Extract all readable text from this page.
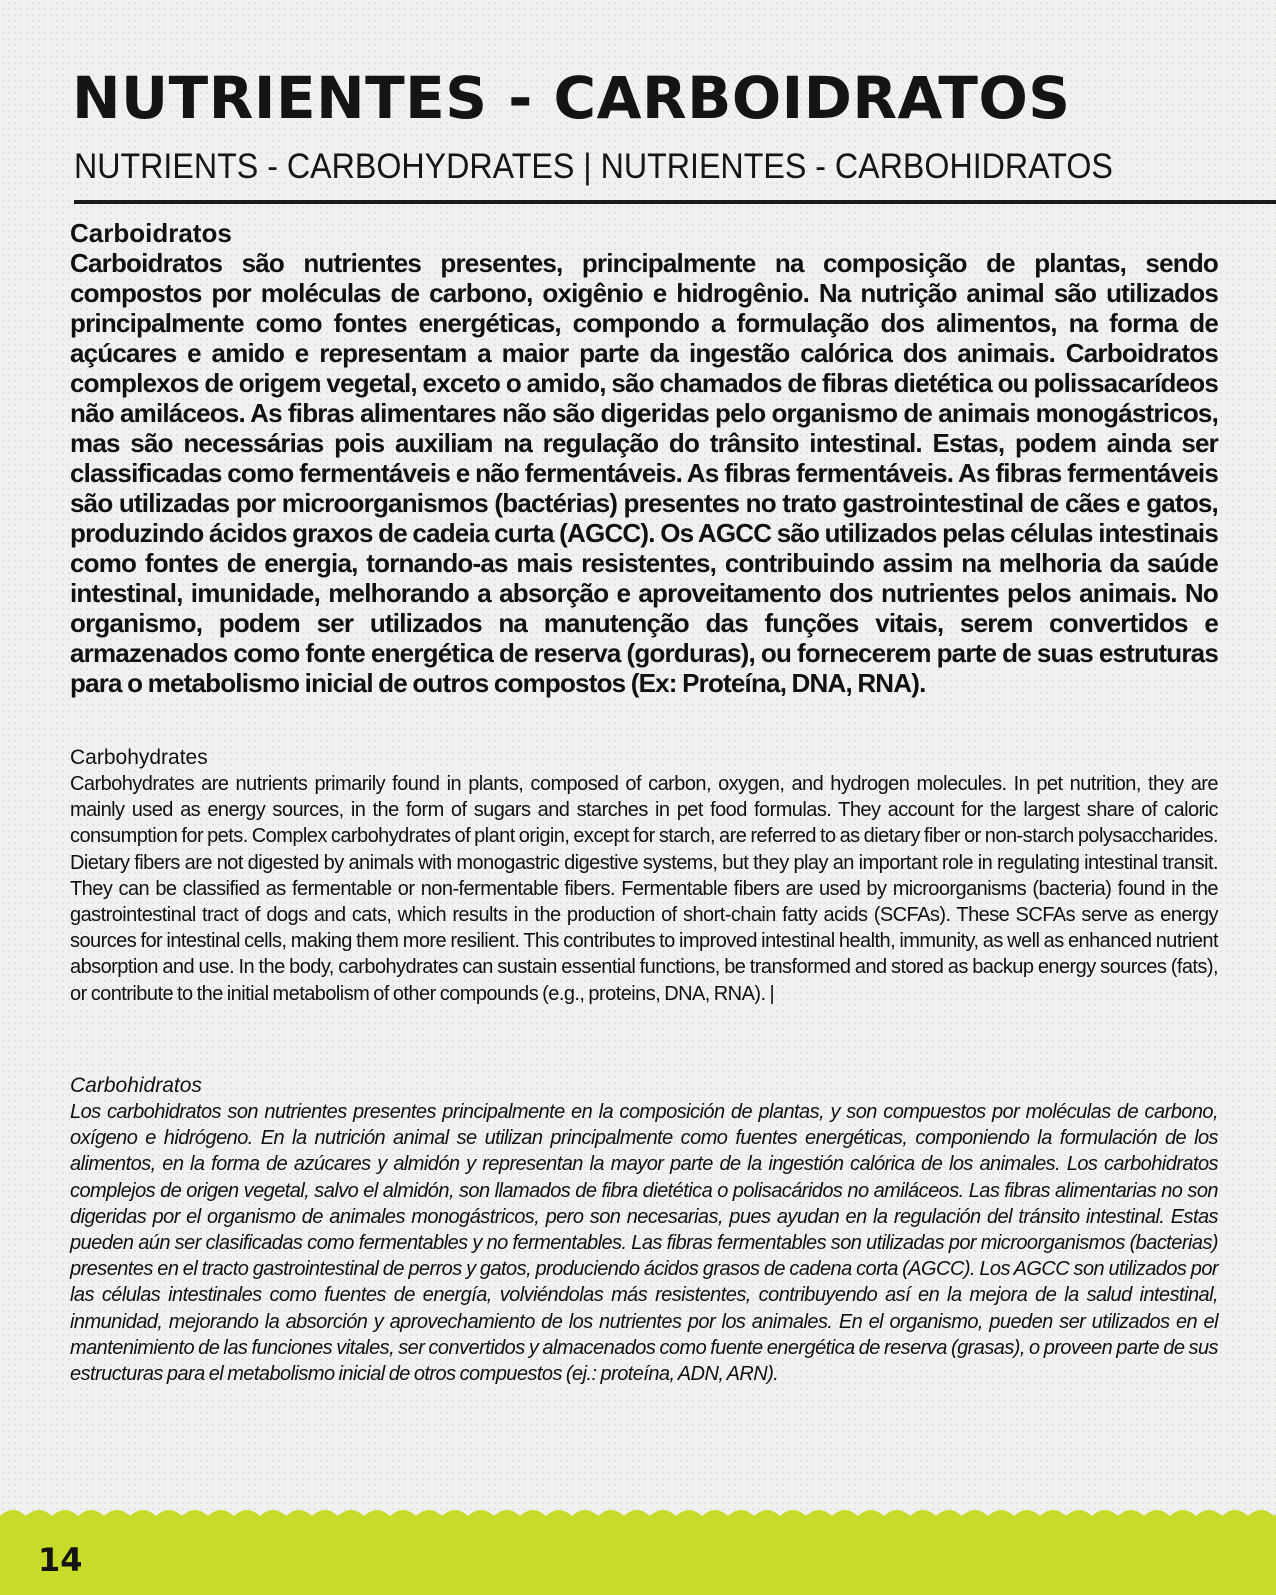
NUTRIENTES - CARBOIDRATOS
NUTRIENTS - CARBOHYDRATES | NUTRIENTES - CARBOHIDRATOS
Carboidratos

Carboidratos são nutrientes presentes, principalmente na composição de plantas, sendo compostos por moléculas de carbono, oxigênio e hidrogênio. Na nutrição animal são utilizados principalmente como fontes energéticas, compondo a formulação dos alimentos, na forma de açúcares e amido e representam a maior parte da ingestão calórica dos animais. Carboidratos complexos de origem vegetal, exceto o amido, são chamados de fibras dietética ou polissacarídeos não amiláceos. As fibras alimentares não são digeridas pelo organismo de animais monogástricos, mas são necessárias pois auxiliam na regulação do trânsito intestinal. Estas, podem ainda ser classificadas como fermentáveis e não fermentáveis. As fibras fermentáveis. As fibras fermentáveis são utilizadas por microorganismos (bactérias) presentes no trato gastrointestinal de cães e gatos, produzindo ácidos graxos de cadeia curta (AGCC). Os AGCC são utilizados pelas células intestinais como fontes de energia, tornando-as mais resistentes, contribuindo assim na melhoria da saúde intestinal, imunidade, melhorando a absorção e aproveitamento dos nutrientes pelos animais. No organismo, podem ser utilizados na manutenção das funções vitais, serem convertidos e armazenados como fonte energética de reserva (gorduras), ou fornecerem parte de suas estruturas para o metabolismo inicial de outros compostos (Ex: Proteína, DNA, RNA).

Carbohydrates

Carbohydrates are nutrients primarily found in plants, composed of carbon, oxygen, and hydrogen molecules. In pet nutrition, they are mainly used as energy sources, in the form of sugars and starches in pet food formulas. They account for the largest share of caloric consumption for pets. Complex carbohydrates of plant origin, except for starch, are referred to as dietary fiber or non-starch polysaccharides. Dietary fibers are not digested by animals with monogastric digestive systems, but they play an important role in regulating intestinal transit. They can be classified as fermentable or non-fermentable fibers. Fermentable fibers are used by microorganisms (bacteria) found in the gastrointestinal tract of dogs and cats, which results in the production of short-chain fatty acids (SCFAs). These SCFAs serve as energy sources for intestinal cells, making them more resilient. This contributes to improved intestinal health, immunity, as well as enhanced nutrient absorption and use. In the body, carbohydrates can sustain essential functions, be transformed and stored as backup energy sources (fats), or contribute to the initial metabolism of other compounds (e.g., proteins, DNA, RNA). |

Carbohidratos

Los carbohidratos son nutrientes presentes principalmente en la composición de plantas, y son compuestos por moléculas de carbono, oxígeno e hidrógeno. En la nutrición animal se utilizan principalmente como fuentes energéticas, componiendo la formulación de los alimentos, en la forma de azúcares y almidón y representan la mayor parte de la ingestión calórica de los animales. Los carbohidratos complejos de origen vegetal, salvo el almidón, son llamados de fibra dietética o polisacáridos no amiláceos. Las fibras alimentarias no son digeridas por el organismo de animales monogástricos, pero son necesarias, pues ayudan en la regulación del tránsito intestinal. Estas pueden aún ser clasificadas como fermentables y no fermentables. Las fibras fermentables son utilizadas por microorganismos (bacterias) presentes en el tracto gastrointestinal de perros y gatos, produciendo ácidos grasos de cadena corta (AGCC). Los AGCC son utilizados por las células intestinales como fuentes de energía, volviéndolas más resistentes, contribuyendo así en la mejora de la salud intestinal, inmunidad, mejorando la absorción y aprovechamiento de los nutrientes por los animales. En el organismo, pueden ser utilizados en el mantenimiento de las funciones vitales, ser convertidos y almacenados como fuente energética de reserva (grasas), o proveen parte de sus estructuras para el metabolismo inicial de otros compuestos (ej.: proteína, ADN, ARN).

14
